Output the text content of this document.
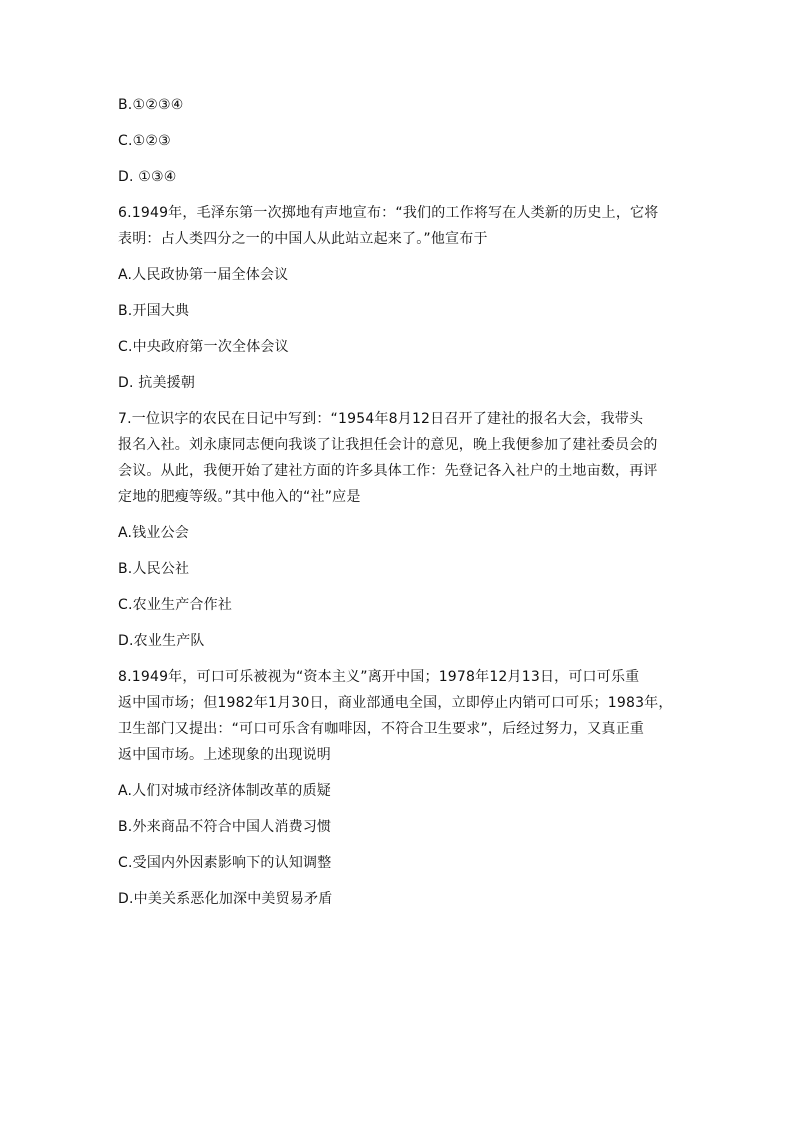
B.①②③④
C.①②③
D. ①③④
6.1949年，毛泽东第一次掷地有声地宣布：“我们的工作将写在人类新的历史上，它将
表明：占人类四分之一的中国人从此站立起来了。”他宣布于
A.人民政协第一届全体会议
B.开国大典
C.中央政府第一次全体会议
D. 抗美援朝
7.一位识字的农民在日记中写到：“1954年8月12日召开了建社的报名大会，我带头
报名入社。刘永康同志便向我谈了让我担任会计的意见，晚上我便参加了建社委员会的
会议。从此，我便开始了建社方面的许多具体工作：先登记各入社户的土地亩数，再评
定地的肥瘦等级。”其中他入的“社”应是
A.钱业公会
B.人民公社
C.农业生产合作社
D.农业生产队
8.1949年，可口可乐被视为“资本主义”离开中国；1978年12月13日，可口可乐重
返中国市场；但1982年1月30日，商业部通电全国，立即停止内销可口可乐；1983年，
卫生部门又提出：“可口可乐含有咖啡因，不符合卫生要求”，后经过努力，又真正重
返中国市场。上述现象的出现说明
A.人们对城市经济体制改革的质疑
B.外来商品不符合中国人消费习惯
C.受国内外因素影响下的认知调整
D.中美关系恶化加深中美贸易矛盾
